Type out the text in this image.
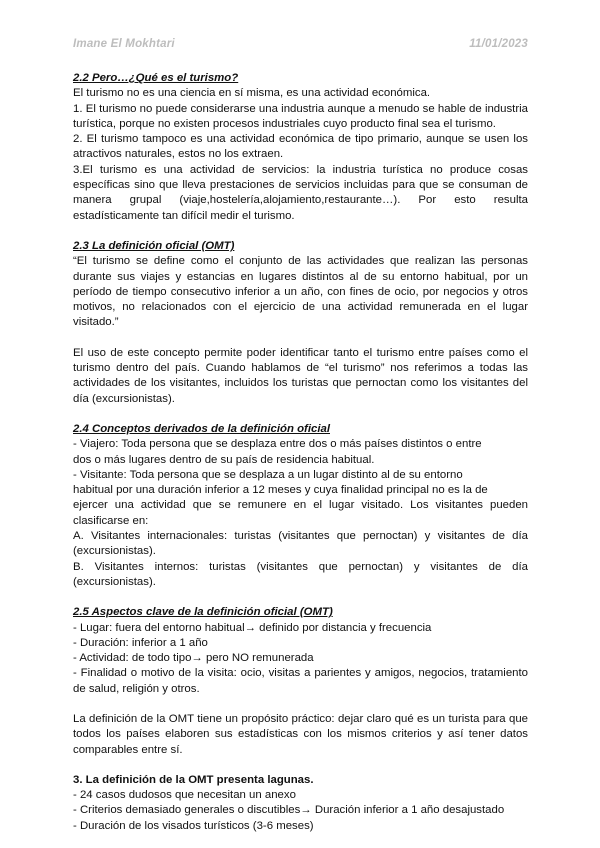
Imane El Mokhtari	11/01/2023
2.2 Pero…¿Qué es el turismo?
El turismo no es una ciencia en sí misma, es una actividad económica.
1. El turismo no puede considerarse una industria aunque a menudo se hable de industria turística, porque no existen procesos industriales cuyo producto final sea el turismo.
2. El turismo tampoco es una actividad económica de tipo primario, aunque se usen los atractivos naturales, estos no los extraen.
3.El turismo es una actividad de servicios: la industria turística no produce cosas específicas sino que lleva prestaciones de servicios incluidas para que se consuman de manera grupal (viaje,hostelería,alojamiento,restaurante…). Por esto resulta estadísticamente tan difícil medir el turismo.
2.3 La definición oficial (OMT)
“El turismo se define como el conjunto de las actividades que realizan las personas durante sus viajes y estancias en lugares distintos al de su entorno habitual, por un período de tiempo consecutivo inferior a un año, con fines de ocio, por negocios y otros motivos, no relacionados con el ejercicio de una actividad remunerada en el lugar visitado.”
El uso de este concepto permite poder identificar tanto el turismo entre países como el turismo dentro del país. Cuando hablamos de “el turismo” nos referimos a todas las actividades de los visitantes, incluidos los turistas que pernoctan como los visitantes del día (excursionistas).
2.4 Conceptos derivados de la definición oficial
- Viajero: Toda persona que se desplaza entre dos o más países distintos o entre
dos o más lugares dentro de su país de residencia habitual.
- Visitante: Toda persona que se desplaza a un lugar distinto al de su entorno
habitual por una duración inferior a 12 meses y cuya finalidad principal no es la de
ejercer una actividad que se remunere en el lugar visitado. Los visitantes pueden clasificarse en:
A. Visitantes internacionales: turistas (visitantes que pernoctan) y visitantes de día (excursionistas).
B. Visitantes internos: turistas (visitantes que pernoctan) y visitantes de día (excursionistas).
2.5 Aspectos clave de la definición oficial (OMT)
- Lugar: fuera del entorno habitual→ definido por distancia y frecuencia
- Duración: inferior a 1 año
- Actividad: de todo tipo→ pero NO remunerada
- Finalidad o motivo de la visita: ocio, visitas a parientes y amigos, negocios, tratamiento de salud, religión y otros.
La definición de la OMT tiene un propósito práctico: dejar claro qué es un turista para que todos los países elaboren sus estadísticas con los mismos criterios y así tener datos comparables entre sí.
3. La definición de la OMT presenta lagunas.
- 24 casos dudosos que necesitan un anexo
- Criterios demasiado generales o discutibles→ Duración inferior a 1 año desajustado
- Duración de los visados turísticos (3-6 meses)
